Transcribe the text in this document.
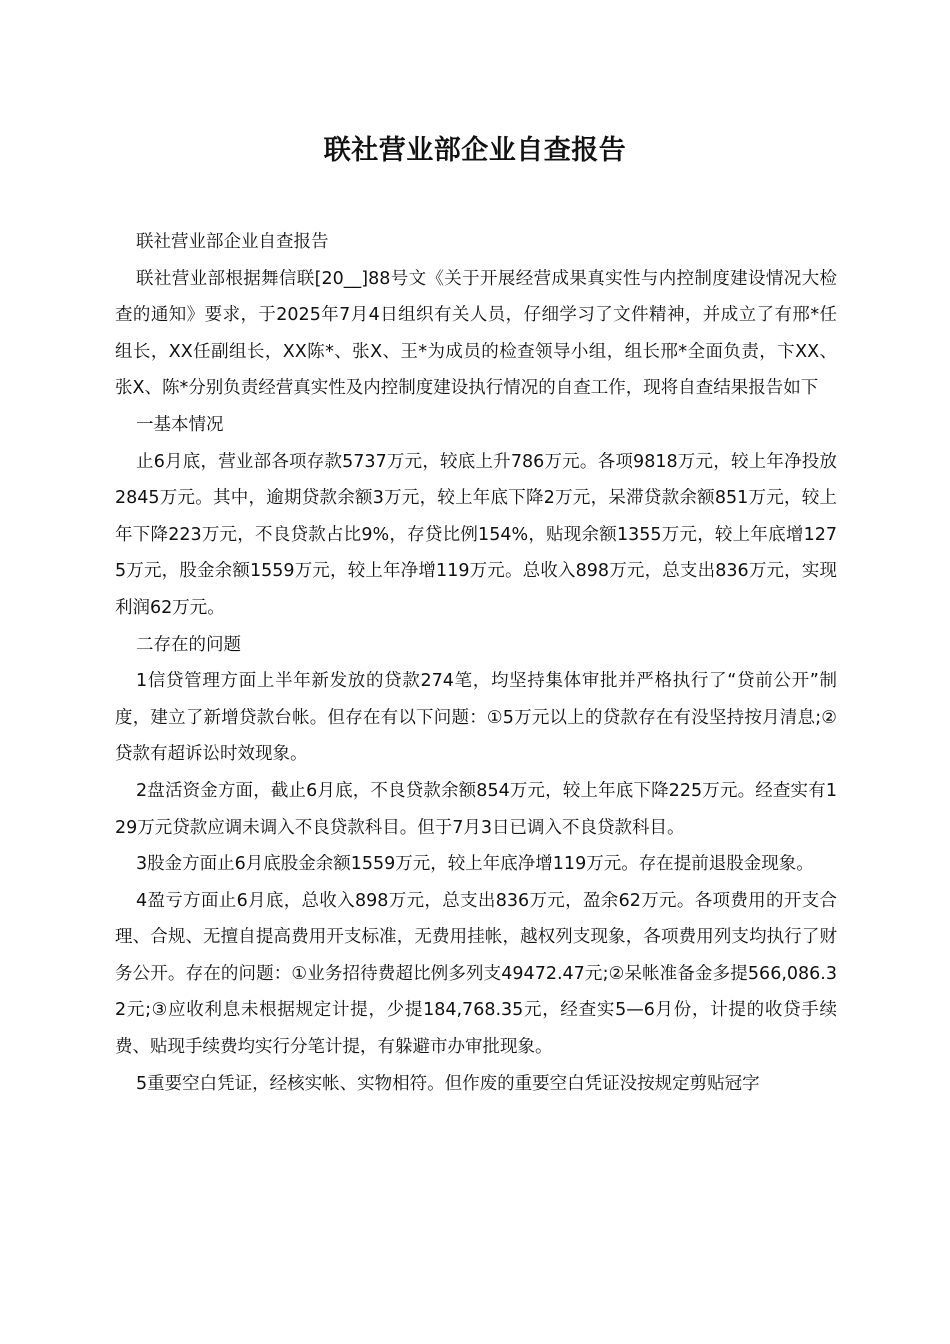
联社营业部企业自查报告

联社营业部企业自查报告

联社营业部根据舞信联[20__]88号文《关于开展经营成果真实性与内控制度建设情况大检查的通知》要求，于2025年7月4日组织有关人员，仔细学习了文件精神，并成立了有邢*任组长，XX任副组长，XX陈*、张X、王*为成员的检查领导小组，组长邢*全面负责，卞XX、张X、陈*分别负责经营真实性及内控制度建设执行情况的自查工作，现将自查结果报告如下

一基本情况

止6月底，营业部各项存款5737万元，较底上升786万元。各项9818万元，较上年净投放2845万元。其中，逾期贷款余额3万元，较上年底下降2万元，呆滞贷款余额851万元，较上年下降223万元，不良贷款占比9%，存贷比例154%，贴现余额1355万元，较上年底增1275万元，股金余额1559万元，较上年净增119万元。总收入898万元，总支出836万元，实现利润62万元。

二存在的问题

1信贷管理方面上半年新发放的贷款274笔，均坚持集体审批并严格执行了“贷前公开”制度，建立了新增贷款台帐。但存在有以下问题：①5万元以上的贷款存在有没坚持按月清息;②贷款有超诉讼时效现象。

2盘活资金方面，截止6月底，不良贷款余额854万元，较上年底下降225万元。经查实有129万元贷款应调未调入不良贷款科目。但于7月3日已调入不良贷款科目。

3股金方面止6月底股金余额1559万元，较上年底净增119万元。存在提前退股金现象。

4盈亏方面止6月底，总收入898万元，总支出836万元，盈余62万元。各项费用的开支合理、合规、无擅自提高费用开支标准，无费用挂帐，越权列支现象，各项费用列支均执行了财务公开。存在的问题：①业务招待费超比例多列支49472.47元;②呆帐准备金多提566,086.32元;③应收利息未根据规定计提，少提184,768.35元，经查实5—6月份，计提的收贷手续费、贴现手续费均实行分笔计提，有躲避市办审批现象。

5重要空白凭证，经核实帐、实物相符。但作废的重要空白凭证没按规定剪贴冠字
